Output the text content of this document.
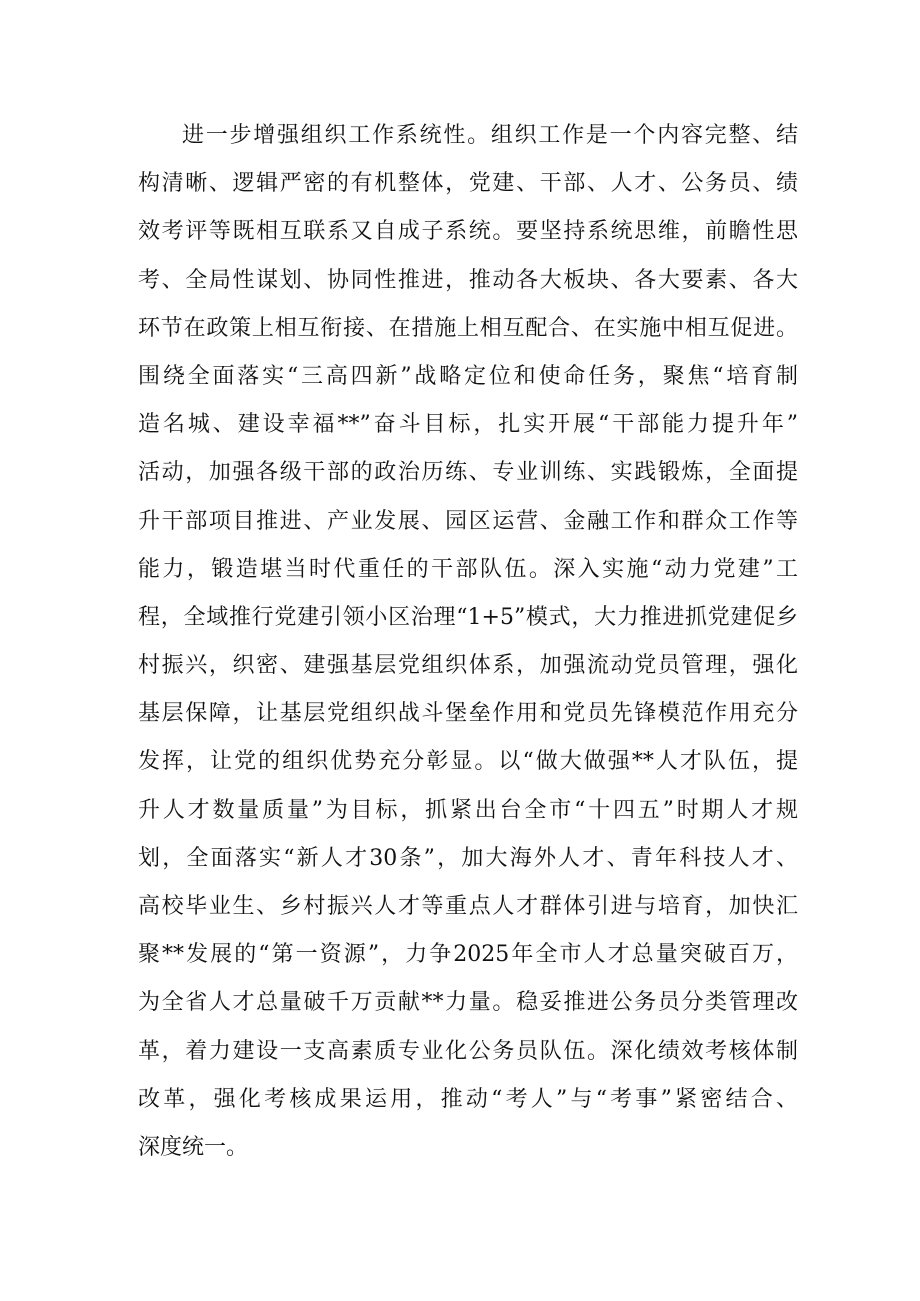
进一步增强组织工作系统性。组织工作是一个内容完整、结
构清晰、逻辑严密的有机整体，党建、干部、人才、公务员、绩
效考评等既相互联系又自成子系统。要坚持系统思维，前瞻性思
考、全局性谋划、协同性推进，推动各大板块、各大要素、各大
环节在政策上相互衔接、在措施上相互配合、在实施中相互促进。
围绕全面落实“三高四新”战略定位和使命任务，聚焦“培育制
造名城、建设幸福**”奋斗目标，扎实开展“干部能力提升年”
活动，加强各级干部的政治历练、专业训练、实践锻炼，全面提
升干部项目推进、产业发展、园区运营、金融工作和群众工作等
能力，锻造堪当时代重任的干部队伍。深入实施“动力党建”工
程，全域推行党建引领小区治理“1+5”模式，大力推进抓党建促乡
村振兴，织密、建强基层党组织体系，加强流动党员管理，强化
基层保障，让基层党组织战斗堡垒作用和党员先锋模范作用充分
发挥，让党的组织优势充分彰显。以“做大做强**人才队伍，提
升人才数量质量”为目标，抓紧出台全市“十四五”时期人才规
划，全面落实“新人才30条”，加大海外人才、青年科技人才、
高校毕业生、乡村振兴人才等重点人才群体引进与培育，加快汇
聚**发展的“第一资源”，力争2025年全市人才总量突破百万，
为全省人才总量破千万贡献**力量。稳妥推进公务员分类管理改
革，着力建设一支高素质专业化公务员队伍。深化绩效考核体制
改革，强化考核成果运用，推动“考人”与“考事”紧密结合、
深度统一。
